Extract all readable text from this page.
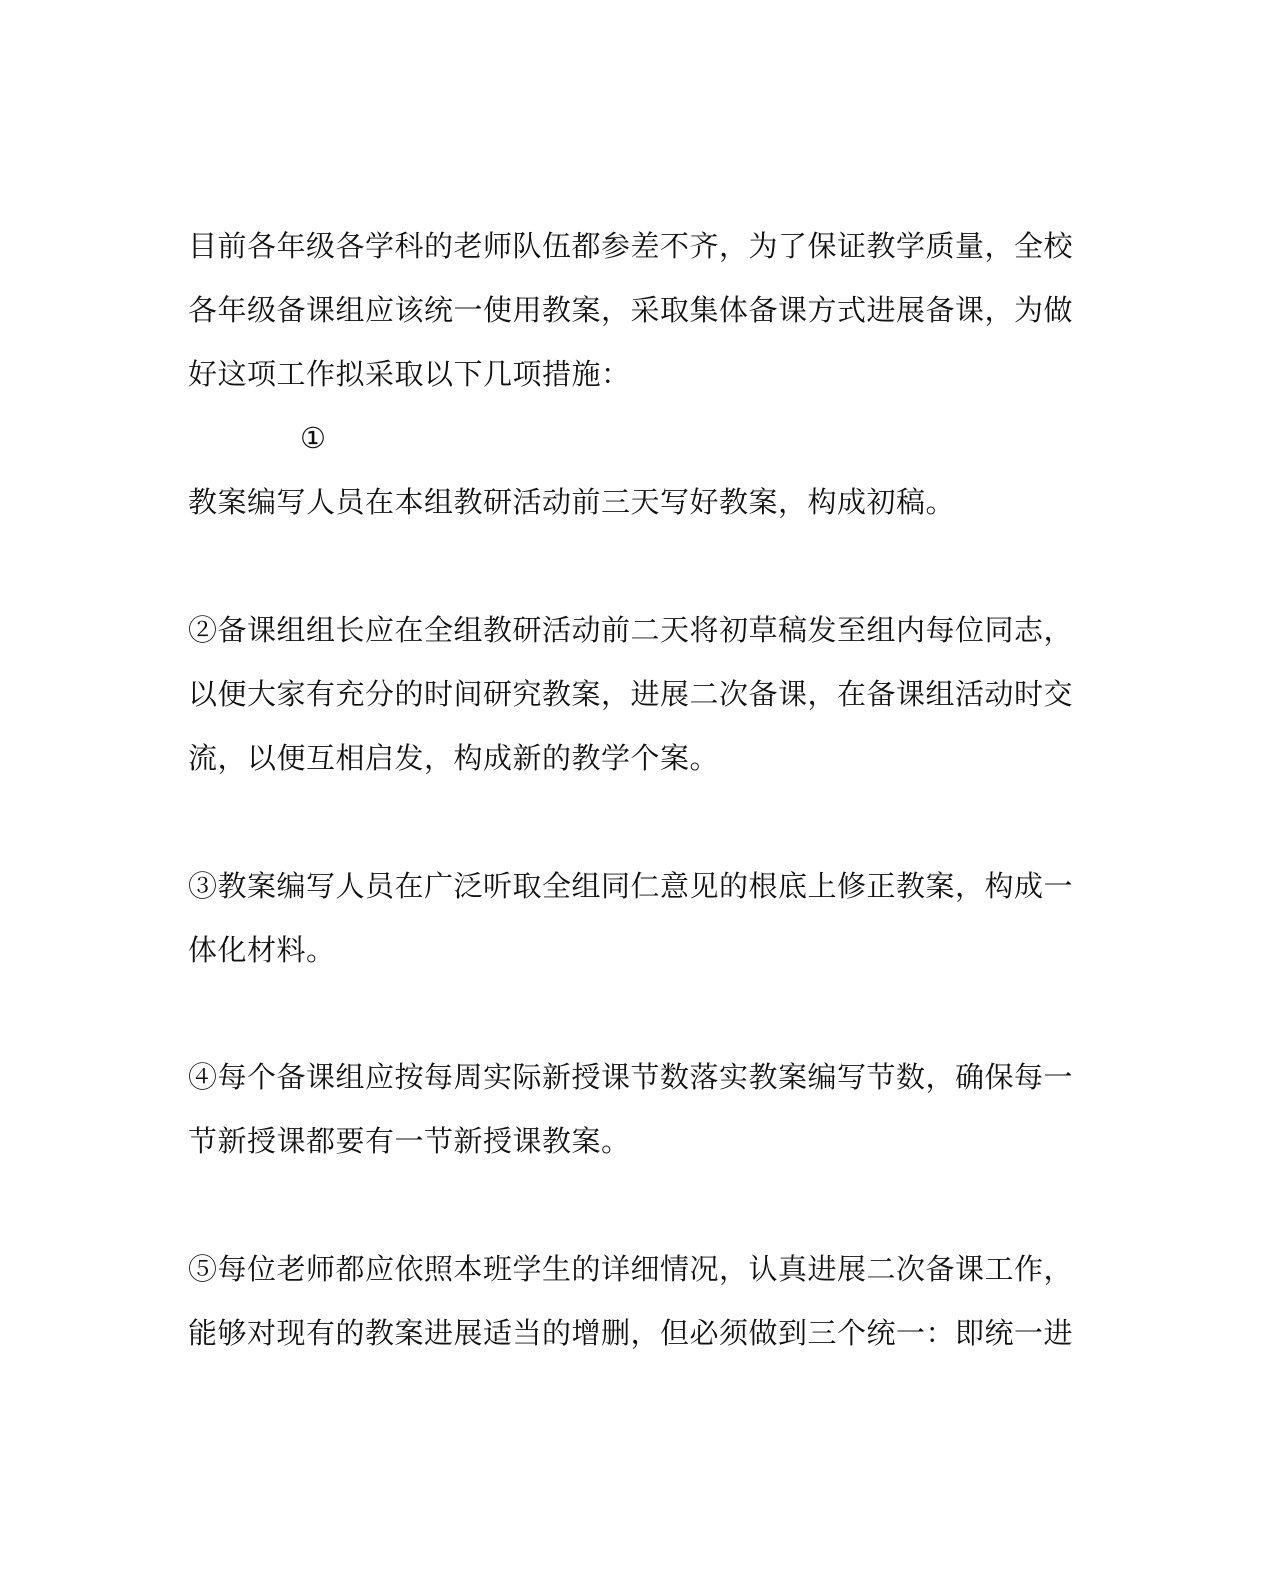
目前各年级各学科的老师队伍都参差不齐，为了保证教学质量，全校
各年级备课组应该统一使用教案，采取集体备课方式进展备课，为做
好这项工作拟采取以下几项措施：
①
教案编写人员在本组教研活动前三天写好教案，构成初稿。
②备课组组长应在全组教研活动前二天将初草稿发至组内每位同志，
以便大家有充分的时间研究教案，进展二次备课，在备课组活动时交
流，以便互相启发，构成新的教学个案。
③教案编写人员在广泛听取全组同仁意见的根底上修正教案，构成一
体化材料。
④每个备课组应按每周实际新授课节数落实教案编写节数，确保每一
节新授课都要有一节新授课教案。
⑤每位老师都应依照本班学生的详细情况，认真进展二次备课工作，
能够对现有的教案进展适当的增删，但必须做到三个统一：即统一进
